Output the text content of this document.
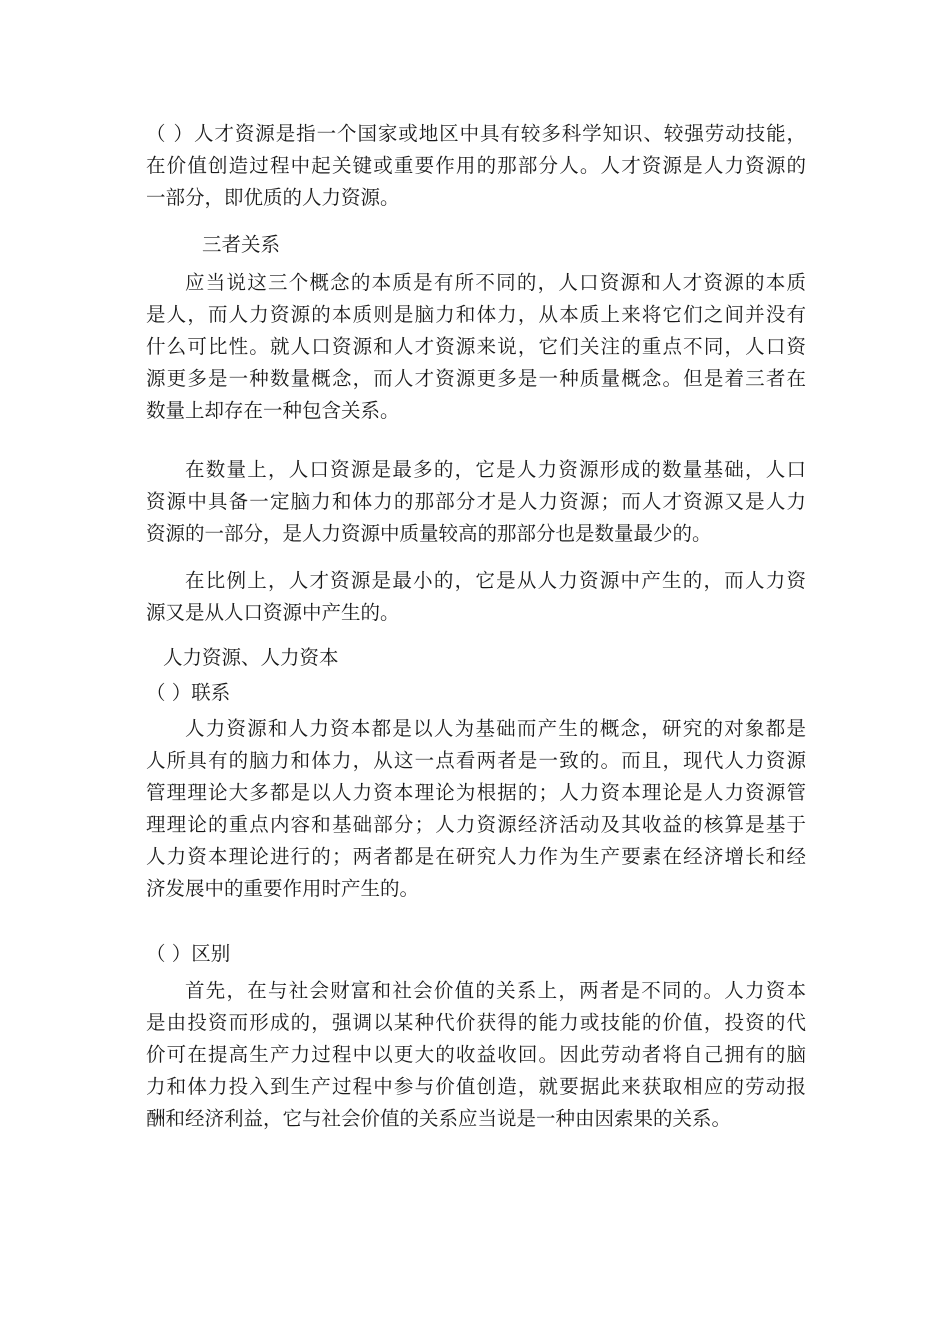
（ ）人才资源是指一个国家或地区中具有较多科学知识、较强劳动技能，
在价值创造过程中起关键或重要作用的那部分人。人才资源是人力资源的
一部分，即优质的人力资源。
三者关系
应当说这三个概念的本质是有所不同的，人口资源和人才资源的本质
是人，而人力资源的本质则是脑力和体力，从本质上来将它们之间并没有
什么可比性。就人口资源和人才资源来说，它们关注的重点不同，人口资
源更多是一种数量概念，而人才资源更多是一种质量概念。但是着三者在
数量上却存在一种包含关系。
在数量上，人口资源是最多的，它是人力资源形成的数量基础，人口
资源中具备一定脑力和体力的那部分才是人力资源；而人才资源又是人力
资源的一部分，是人力资源中质量较高的那部分也是数量最少的。
在比例上，人才资源是最小的，它是从人力资源中产生的，而人力资
源又是从人口资源中产生的。
人力资源、人力资本
（ ）联系
人力资源和人力资本都是以人为基础而产生的概念，研究的对象都是
人所具有的脑力和体力，从这一点看两者是一致的。而且，现代人力资源
管理理论大多都是以人力资本理论为根据的；人力资本理论是人力资源管
理理论的重点内容和基础部分；人力资源经济活动及其收益的核算是基于
人力资本理论进行的；两者都是在研究人力作为生产要素在经济增长和经
济发展中的重要作用时产生的。
（ ）区别
首先，在与社会财富和社会价值的关系上，两者是不同的。人力资本
是由投资而形成的，强调以某种代价获得的能力或技能的价值，投资的代
价可在提高生产力过程中以更大的收益收回。因此劳动者将自己拥有的脑
力和体力投入到生产过程中参与价值创造，就要据此来获取相应的劳动报
酬和经济利益，它与社会价值的关系应当说是一种由因索果的关系。
